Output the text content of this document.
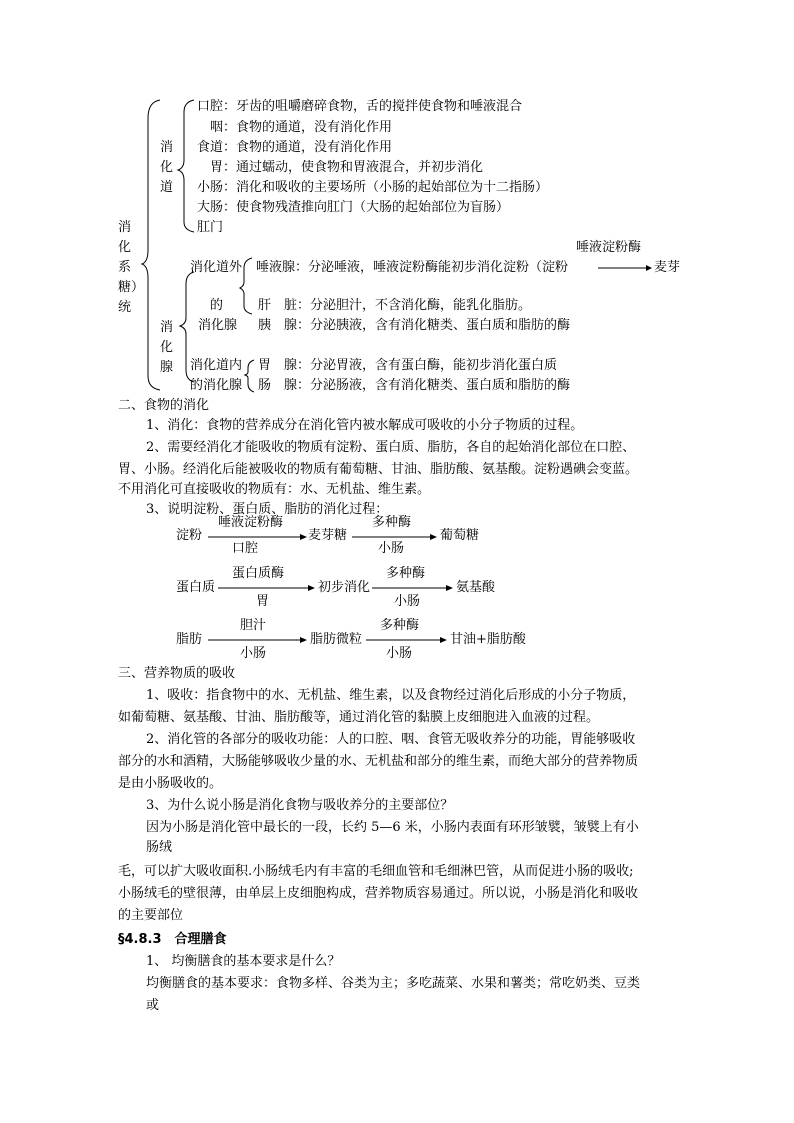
消
化
系
糖）
统
消
化
道
消
化
腺
口腔：牙齿的咀嚼磨碎食物，舌的搅拌使食物和唾液混合
咽：食物的通道，没有消化作用
食道：食物的通道，没有消化作用
胃：通过蠕动，使食物和胃液混合，并初步消化
小肠：消化和吸收的主要场所（小肠的起始部位为十二指肠）
大肠：使食物残渣推向肛门（大肠的起始部位为盲肠）
肛门
消化道外
的
消化腺
唾液淀粉酶
唾液腺：分泌唾液，唾液淀粉酶能初步消化淀粉（淀粉	麦芽
肝　脏：分泌胆汁，不含消化酶，能乳化脂肪。
胰　腺：分泌胰液，含有消化糖类、蛋白质和脂肪的酶
消化道内
的消化腺
胃　腺：分泌胃液，含有蛋白酶，能初步消化蛋白质
肠　腺：分泌肠液，含有消化糖类、蛋白质和脂肪的酶
二、食物的消化
1、消化：食物的营养成分在消化管内被水解成可吸收的小分子物质的过程。
2、需要经消化才能吸收的物质有淀粉、蛋白质、脂肪，各自的起始消化部位在口腔、
胃、小肠。经消化后能被吸收的物质有葡萄糖、甘油、脂肪酸、氨基酸。淀粉遇碘会变蓝。
不用消化可直接吸收的物质有：水、无机盐、维生素。
3、说明淀粉、蛋白质、脂肪的消化过程：
淀粉
唾液淀粉酶
口腔
麦芽糖
多种酶
小肠
葡萄糖
蛋白质
蛋白质酶
胃
初步消化
多种酶
小肠
氨基酸
脂肪
胆汁
小肠
脂肪微粒
多种酶
小肠
甘油+脂肪酸
三、营养物质的吸收
1、吸收：指食物中的水、无机盐、维生素，以及食物经过消化后形成的小分子物质，
如葡萄糖、氨基酸、甘油、脂肪酸等，通过消化管的黏膜上皮细胞进入血液的过程。
2、消化管的各部分的吸收功能：人的口腔、咽、食管无吸收养分的功能，胃能够吸收
部分的水和酒精，大肠能够吸收少量的水、无机盐和部分的维生素，而绝大部分的营养物质
是由小肠吸收的。
3、为什么说小肠是消化食物与吸收养分的主要部位？
因为小肠是消化管中最长的一段，长约 5—6 米，小肠内表面有环形皱襞，皱襞上有小
肠绒
毛，可以扩大吸收面积.小肠绒毛内有丰富的毛细血管和毛细淋巴管，从而促进小肠的吸收;
小肠绒毛的壁很薄，由单层上皮细胞构成，营养物质容易通过。所以说，小肠是消化和吸收
的主要部位
§4.8.3　合理膳食
1、 均衡膳食的基本要求是什么？
均衡膳食的基本要求：食物多样、谷类为主；多吃蔬菜、水果和薯类；常吃奶类、豆类
或
